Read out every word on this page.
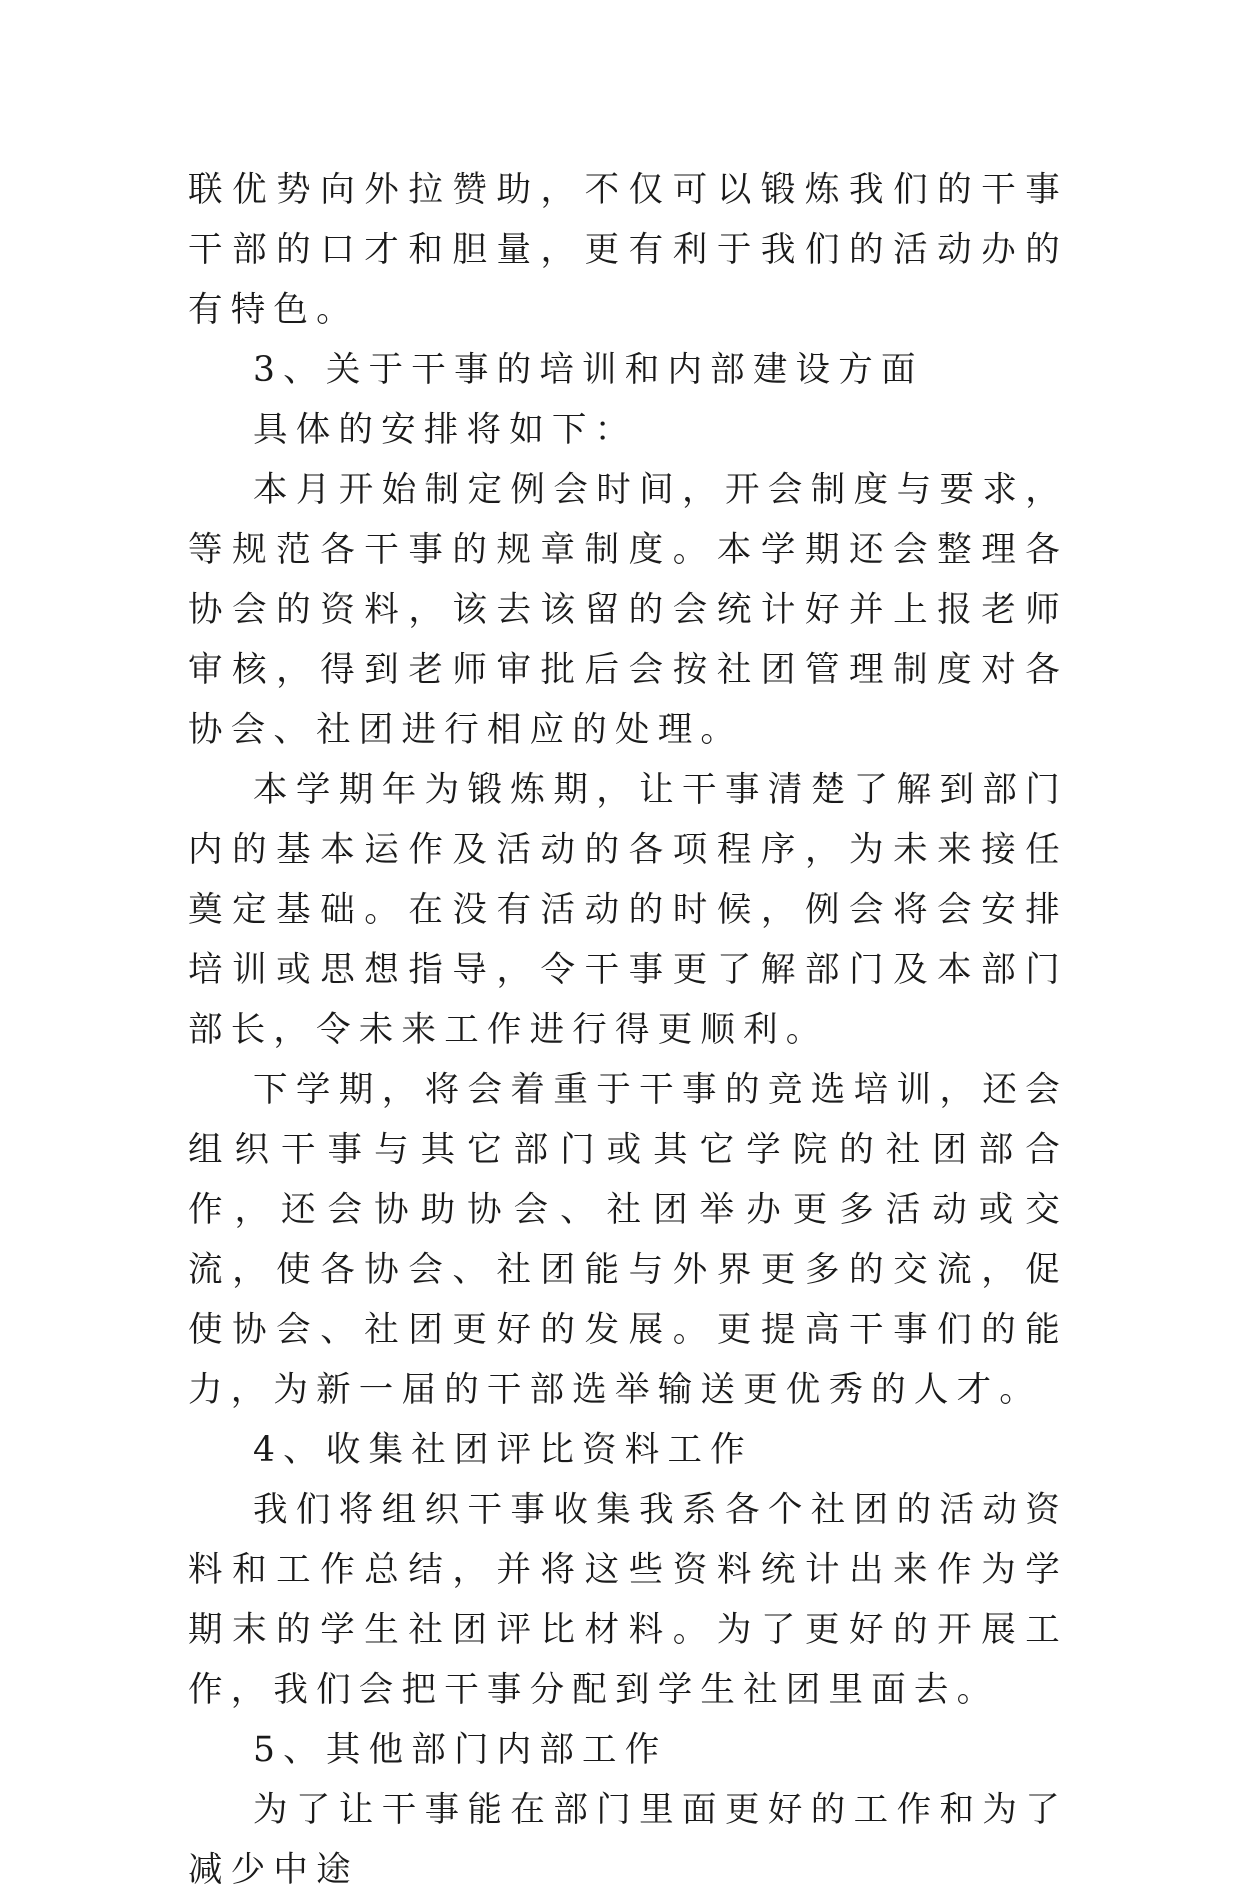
联优势向外拉赞助，不仅可以锻炼我们的干事干部的口才和胆量，更有利于我们的活动办的有特色。

3、关于干事的培训和内部建设方面

具体的安排将如下：

本月开始制定例会时间，开会制度与要求，等规范各干事的规章制度。本学期还会整理各协会的资料，该去该留的会统计好并上报老师审核，得到老师审批后会按社团管理制度对各协会、社团进行相应的处理。

本学期年为锻炼期，让干事清楚了解到部门内的基本运作及活动的各项程序，为未来接任奠定基础。在没有活动的时候，例会将会安排培训或思想指导，令干事更了解部门及本部门部长，令未来工作进行得更顺利。

下学期，将会着重于干事的竞选培训，还会组织干事与其它部门或其它学院的社团部合作，还会协助协会、社团举办更多活动或交流，使各协会、社团能与外界更多的交流，促使协会、社团更好的发展。更提高干事们的能力，为新一届的干部选举输送更优秀的人才。

4、收集社团评比资料工作

我们将组织干事收集我系各个社团的活动资料和工作总结，并将这些资料统计出来作为学期末的学生社团评比材料。为了更好的开展工作，我们会把干事分配到学生社团里面去。

5、其他部门内部工作

为了让干事能在部门里面更好的工作和为了减少中途
